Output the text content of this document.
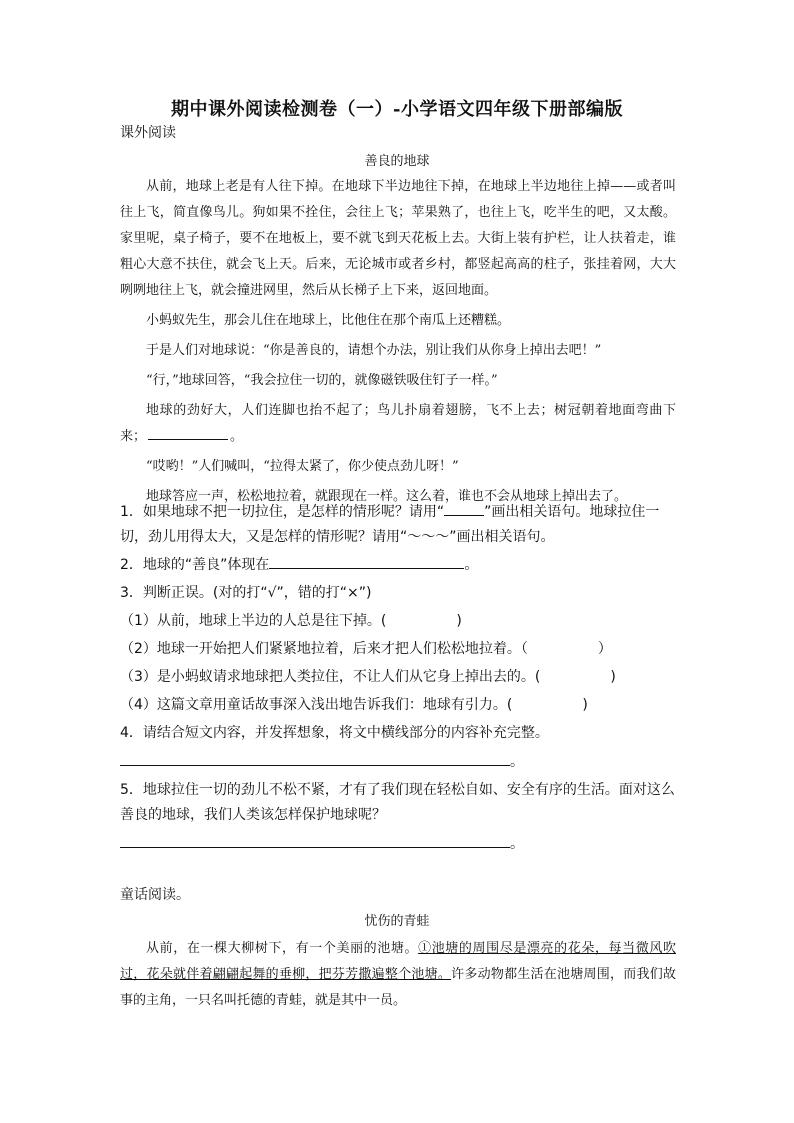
期中课外阅读检测卷（一）-小学语文四年级下册部编版
课外阅读
善良的地球

从前，地球上老是有人往下掉。在地球下半边地往下掉，在地球上半边地往上掉——或者叫往上飞，简直像鸟儿。狗如果不拴住，会往上飞；苹果熟了，也往上飞，吃半生的吧，又太酸。家里呢，桌子椅子，要不在地板上，要不就飞到天花板上去。大街上装有护栏，让人扶着走，谁粗心大意不扶住，就会飞上天。后来，无论城市或者乡村，都竖起高高的柱子，张挂着网，大大咧咧地往上飞，就会撞进网里，然后从长梯子上下来，返回地面。

小蚂蚁先生，那会儿住在地球上，比他住在那个南瓜上还糟糕。

于是人们对地球说：“你是善良的，请想个办法，别让我们从你身上掉出去吧！”

“行，”地球回答，“我会拉住一切的，就像磁铁吸住钉子一样。”

地球的劲好大，人们连脚也抬不起了；鸟儿扑扇着翅膀，飞不上去；树冠朝着地面弯曲下来；	。

“哎哟！”人们喊叫，“拉得太紧了，你少使点劲儿呀！”

地球答应一声，松松地拉着，就跟现在一样。这么着，谁也不会从地球上掉出去了。

1．如果地球不把一切拉住，是怎样的情形呢？请用“	”画出相关语句。地球拉住一切，劲儿用得太大，又是怎样的情形呢？请用“～～～”画出相关语句。

2．地球的“善良”体现在	。

3．判断正误。(对的打“√”，错的打“×”)

（1）从前，地球上半边的人总是往下掉。(	)

（2）地球一开始把人们紧紧地拉着，后来才把人们松松地拉着。（	）

（3）是小蚂蚁请求地球把人类拉住，不让人们从它身上掉出去的。(	)

（4）这篇文章用童话故事深入浅出地告诉我们：地球有引力。(	)

4．请结合短文内容，并发挥想象，将文中横线部分的内容补充完整。

。

5．地球拉住一切的劲儿不松不紧，才有了我们现在轻松自如、安全有序的生活。面对这么善良的地球，我们人类该怎样保护地球呢？

。

童话阅读。
忧伤的青蛙

从前，在一棵大柳树下，有一个美丽的池塘。①池塘的周围尽是漂亮的花朵，每当微风吹过，花朵就伴着翩翩起舞的垂柳，把芬芳撒遍整个池塘。许多动物都生活在池塘周围，而我们故事的主角，一只名叫托德的青蛙，就是其中一员。
